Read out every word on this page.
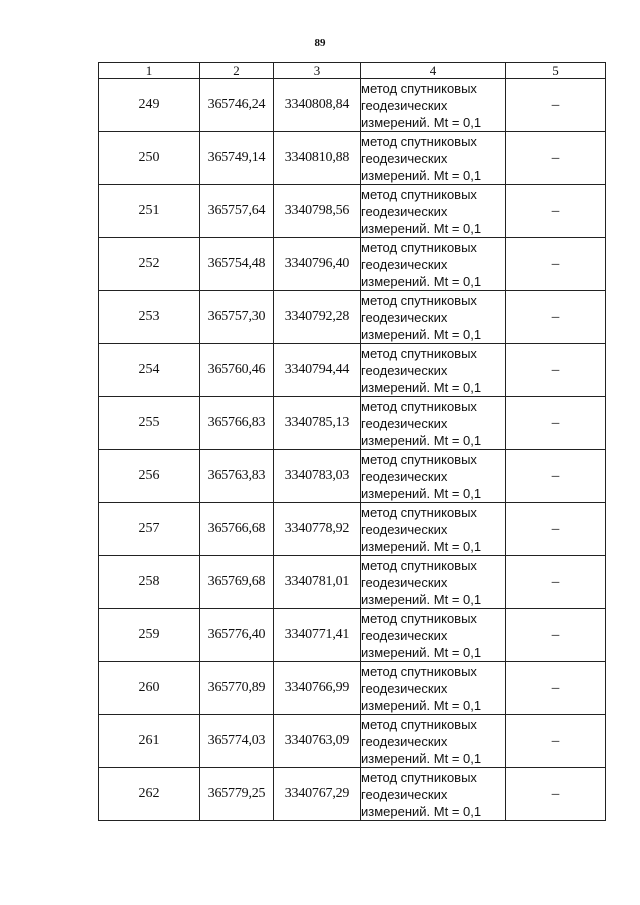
89
1	2	3	4	5
249	365746,24	3340808,84	метод спутниковых
геодезических
измерений. Mt = 0,1	–
250	365749,14	3340810,88	метод спутниковых
геодезических
измерений. Mt = 0,1	–
251	365757,64	3340798,56	метод спутниковых
геодезических
измерений. Mt = 0,1	–
252	365754,48	3340796,40	метод спутниковых
геодезических
измерений. Mt = 0,1	–
253	365757,30	3340792,28	метод спутниковых
геодезических
измерений. Mt = 0,1	–
254	365760,46	3340794,44	метод спутниковых
геодезических
измерений. Mt = 0,1	–
255	365766,83	3340785,13	метод спутниковых
геодезических
измерений. Mt = 0,1	–
256	365763,83	3340783,03	метод спутниковых
геодезических
измерений. Mt = 0,1	–
257	365766,68	3340778,92	метод спутниковых
геодезических
измерений. Mt = 0,1	–
258	365769,68	3340781,01	метод спутниковых
геодезических
измерений. Mt = 0,1	–
259	365776,40	3340771,41	метод спутниковых
геодезических
измерений. Mt = 0,1	–
260	365770,89	3340766,99	метод спутниковых
геодезических
измерений. Mt = 0,1	–
261	365774,03	3340763,09	метод спутниковых
геодезических
измерений. Mt = 0,1	–
262	365779,25	3340767,29	метод спутниковых
геодезических
измерений. Mt = 0,1	–
